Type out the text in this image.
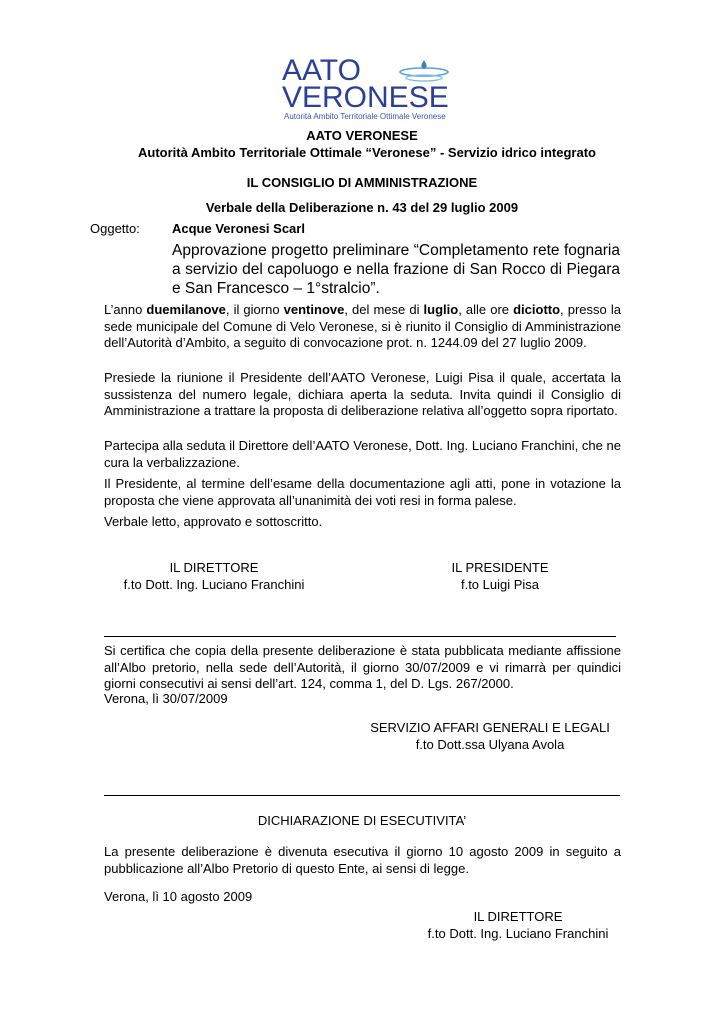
AATO
VERONESE
Autorità Ambito Territoriale Ottimale Veronese
AATO VERONESE
Autorità Ambito Territoriale Ottimale “Veronese” - Servizio idrico integrato
IL CONSIGLIO DI AMMINISTRAZIONE
Verbale della Deliberazione n. 43 del 29 luglio 2009
Oggetto: Acque Veronesi Scarl
Approvazione progetto preliminare “Completamento rete fognaria a servizio del capoluogo e nella frazione di San Rocco di Piegara e San Francesco – 1°stralcio”.
L’anno duemilanove, il giorno ventinove, del mese di luglio, alle ore diciotto, presso la sede municipale del Comune di Velo Veronese, si è riunito il Consiglio di Amministrazione dell’Autorità d’Ambito, a seguito di convocazione prot. n. 1244.09 del 27 luglio 2009.
Presiede la riunione il Presidente dell’AATO Veronese, Luigi Pisa il quale, accertata la sussistenza del numero legale, dichiara aperta la seduta. Invita quindi il Consiglio di Amministrazione a trattare la proposta di deliberazione relativa all’oggetto sopra riportato.
Partecipa alla seduta il Direttore dell’AATO Veronese, Dott. Ing. Luciano Franchini, che ne cura la verbalizzazione.
Il Presidente, al termine dell’esame della documentazione agli atti, pone in votazione la proposta che viene approvata all’unanimità dei voti resi in forma palese.
Verbale letto, approvato e sottoscritto.
IL DIRETTORE
f.to Dott. Ing. Luciano Franchini
IL PRESIDENTE
f.to Luigi Pisa
Si certifica che copia della presente deliberazione è stata pubblicata mediante affissione all’Albo pretorio, nella sede dell’Autorità, il giorno 30/07/2009 e vi rimarrà per quindici giorni consecutivi ai sensi dell’art. 124, comma 1, del D. Lgs. 267/2000.
Verona, lì 30/07/2009
SERVIZIO AFFARI GENERALI E LEGALI
f.to Dott.ssa Ulyana Avola
DICHIARAZIONE DI ESECUTIVITA’
La presente deliberazione è divenuta esecutiva il giorno 10 agosto 2009 in seguito a pubblicazione all’Albo Pretorio di questo Ente, ai sensi di legge.
Verona, lì 10 agosto 2009
IL DIRETTORE
f.to Dott. Ing. Luciano Franchini
